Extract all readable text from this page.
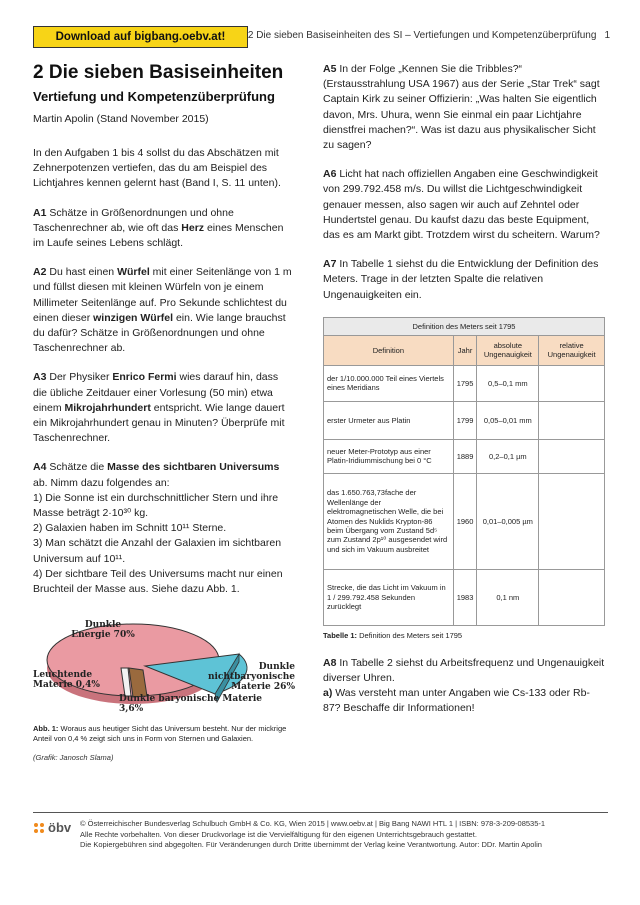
Download auf bigbang.oebv.at!	2 Die sieben Basiseinheiten des SI – Vertiefungen und Kompetenzüberprüfung 1
2 Die sieben Basiseinheiten
Vertiefung und Kompetenzüberprüfung
Martin Apolin (Stand November 2015)

In den Aufgaben 1 bis 4 sollst du das Abschätzen mit Zehnerpotenzen vertiefen, das du am Beispiel des Lichtjahres kennen gelernt hast (Band I, S. 11 unten).

A1 Schätze in Größenordnungen und ohne Taschenrechner ab, wie oft das Herz eines Menschen im Laufe seines Lebens schlägt.

A2 Du hast einen Würfel mit einer Seitenlänge von 1 m und füllst diesen mit kleinen Würfeln von je einem Millimeter Seitenlänge auf. Pro Sekunde schlichtest du einen dieser winzigen Würfel ein. Wie lange brauchst du dafür? Schätze in Größenordnungen und ohne Taschenrechner ab.

A3 Der Physiker Enrico Fermi wies darauf hin, dass die übliche Zeitdauer einer Vorlesung (50 min) etwa einem Mikrojahrhundert entspricht. Wie lange dauert ein Mikrojahrhundert genau in Minuten? Überprüfe mit Taschenrechner.

A4 Schätze die Masse des sichtbaren Universums ab. Nimm dazu folgendes an:

1) Die Sonne ist ein durchschnittlicher Stern und ihre Masse beträgt 2·10³⁰ kg.

2) Galaxien haben im Schnitt 10¹¹ Sterne.

3) Man schätzt die Anzahl der Galaxien im sichtbaren Universum auf 10¹¹.

4) Der sichtbare Teil des Universums macht nur einen Bruchteil der Masse aus. Siehe dazu Abb. 1.

Dunkle Energie 70%
Dunkle nichtbaryonische Materie 26%
Dunkle baryonische Materie 3,6%
Leuchtende Materie 0,4%
Abb. 1: Woraus aus heutiger Sicht das Universum besteht. Nur der mickrige Anteil von 0,4 % zeigt sich uns in Form von Sternen und Galaxien.
(Grafik: Janosch Slama)

A5 In der Folge „Kennen Sie die Tribbles?“ (Erstausstrahlung USA 1967) aus der Serie „Star Trek“ sagt Captain Kirk zu seiner Offizierin: „Was halten Sie eigentlich davon, Mrs. Uhura, wenn Sie einmal ein paar Lichtjahre dienstfrei machen?“. Was ist dazu aus physikalischer Sicht zu sagen?

A6 Licht hat nach offiziellen Angaben eine Geschwindigkeit von 299.792.458 m/s. Du willst die Lichtgeschwindigkeit genauer messen, also sagen wir auch auf Zehntel oder Hundertstel genau. Du kaufst dazu das beste Equipment, das es am Markt gibt. Trotzdem wirst du scheitern. Warum?

A7 In Tabelle 1 siehst du die Entwicklung der Definition des Meters. Trage in der letzten Spalte die relativen Ungenauigkeiten ein.

Definition des Meters seit 1795			
Definition	Jahr	absolute Ungenauigkeit	relative Ungenauigkeit
der 1/10.000.000 Teil eines Viertels eines Meridians	1795	0,5–0,1 mm	
erster Urmeter aus Platin	1799	0,05–0,01 mm	
neuer Meter-Prototyp aus einer Platin-Iridiummischung bei 0 °C	1889	0,2–0,1 µm	
das 1.650.763,73fache der Wellenlänge der elektromagnetischen Welle, die bei Atomen des Nuklids Krypton-86 beim Übergang vom Zustand 5d⁵ zum Zustand 2p¹⁰ ausgesendet wird und sich im Vakuum ausbreitet	1960	0,01–0,005 µm	
Strecke, die das Licht im Vakuum in 1 / 299.792.458 Sekunden zurücklegt	1983	0,1 nm	
Tabelle 1: Definition des Meters seit 1795

A8 In Tabelle 2 siehst du Arbeitsfrequenz und Ungenauigkeit diverser Uhren.

a) Was versteht man unter Angaben wie Cs-133 oder Rb-87? Beschaffe dir Informationen!

öbv © Österreichischer Bundesverlag Schulbuch GmbH & Co. KG, Wien 2015 | www.oebv.at | Big Bang NAWI HTL 1 | ISBN: 978-3-209-08535-1
Alle Rechte vorbehalten. Von dieser Druckvorlage ist die Vervielfältigung für den eigenen Unterrichtsgebrauch gestattet.
Die Kopiergebühren sind abgegolten. Für Veränderungen durch Dritte übernimmt der Verlag keine Verantwortung. Autor: DDr. Martin Apolin
